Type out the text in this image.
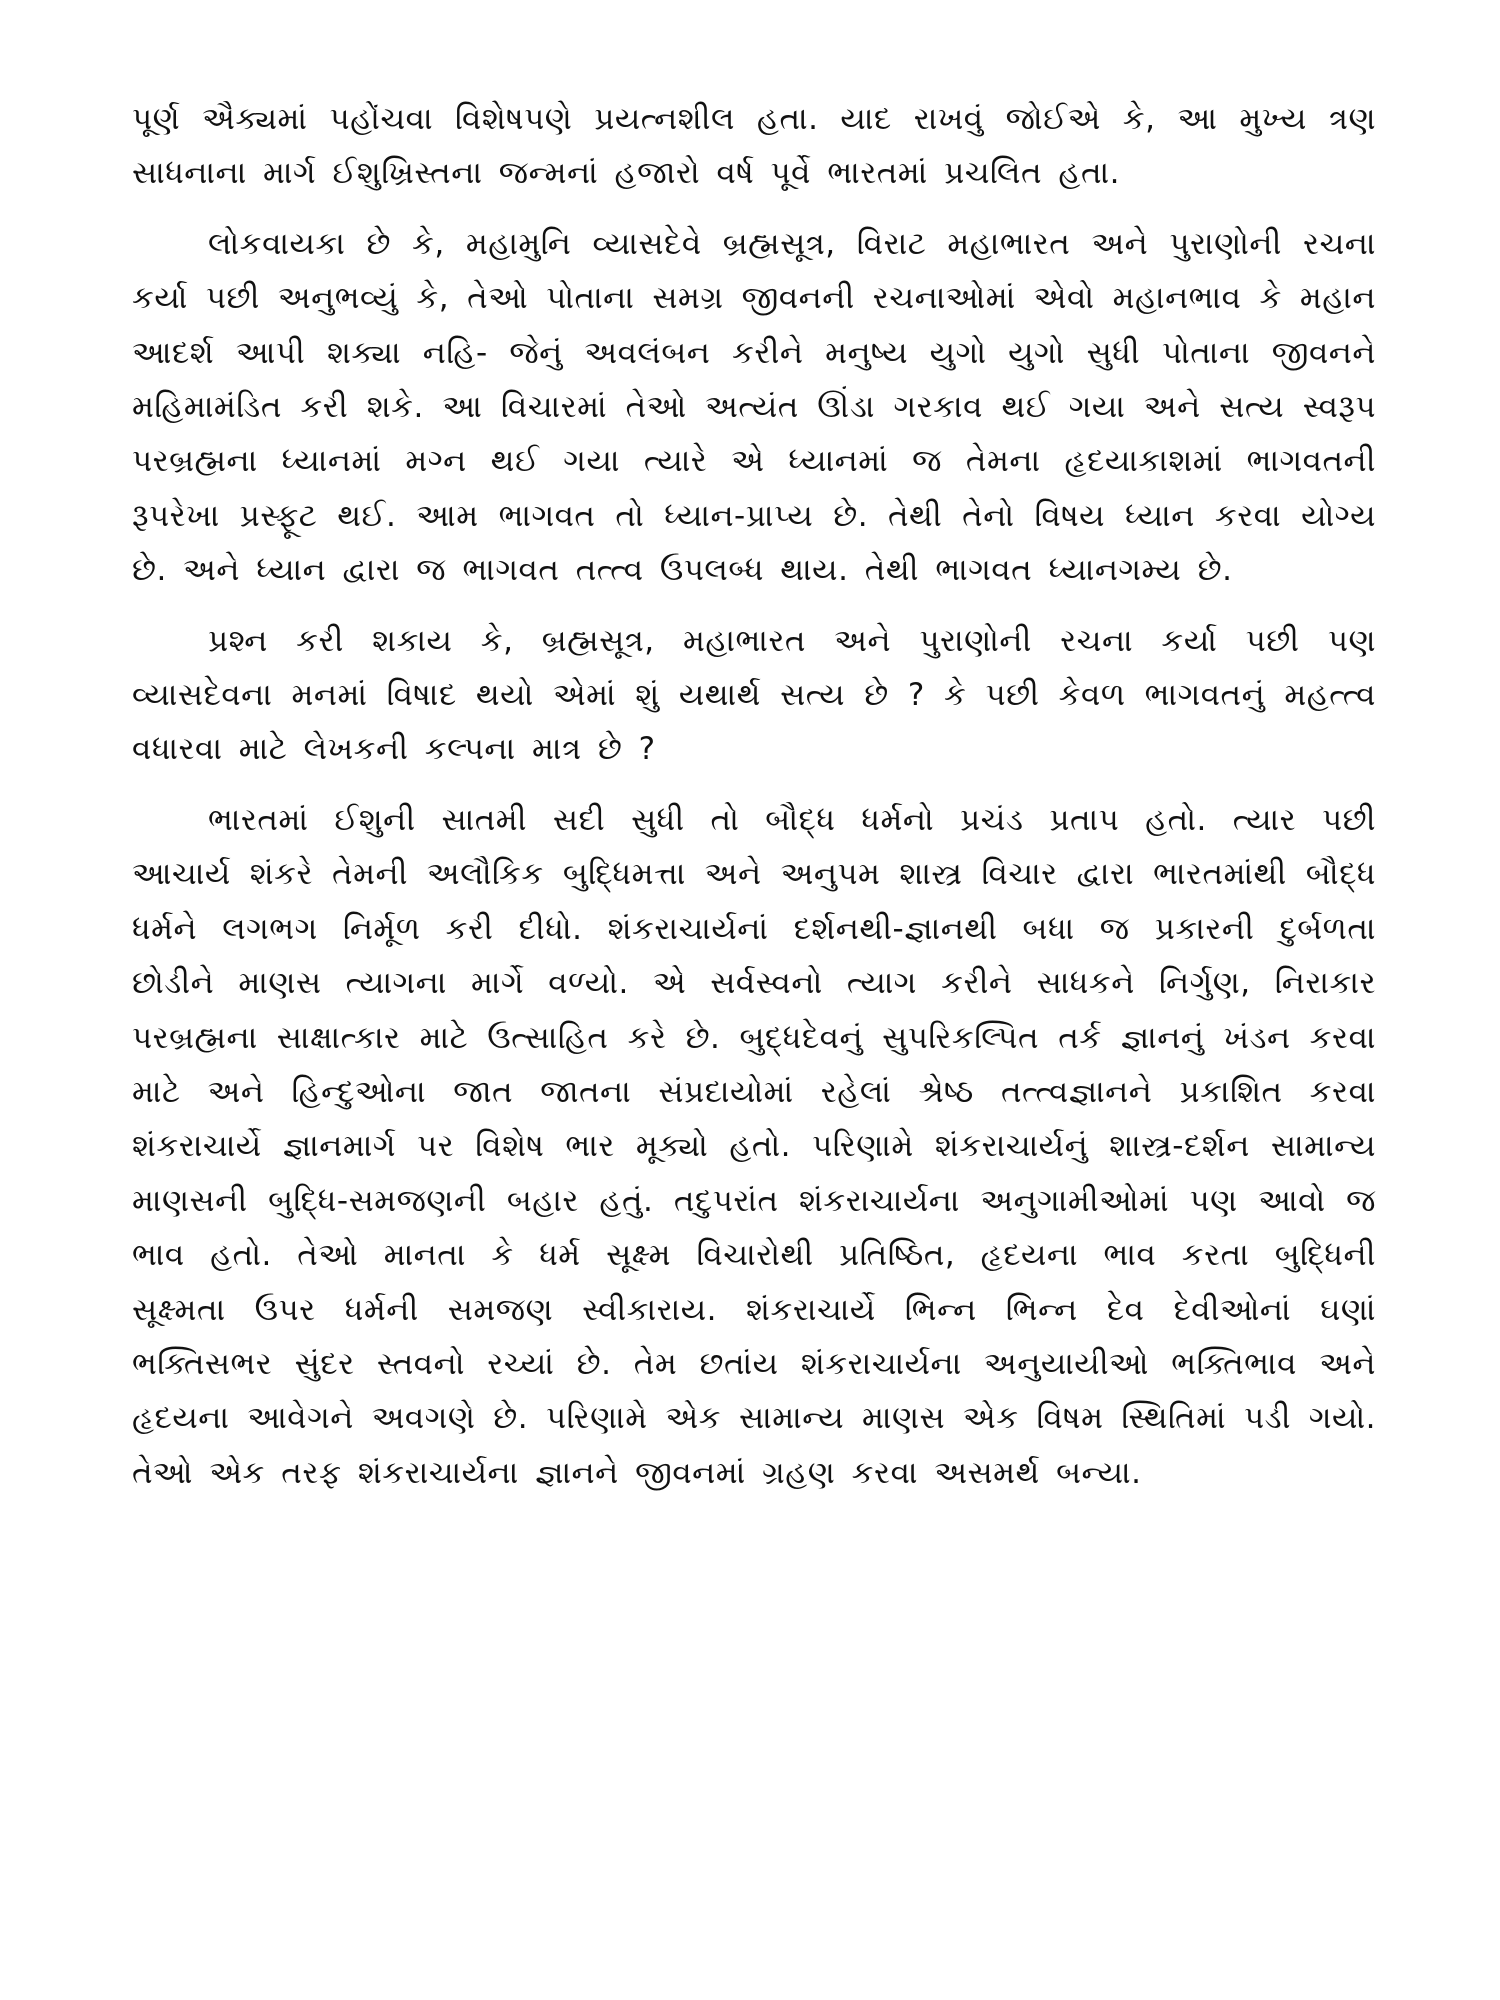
પૂર્ણ ઐક્યમાં પહોંચવા વિશેષપણે પ્રયત્નશીલ હતા. યાદ રાખવું જોઈએ કે, આ મુખ્ય ત્રણ સાધનાના માર્ગ ઈશુખ્રિસ્તના જન્મનાં હજારો વર્ષ પૂર્વે ભારતમાં પ્રચલિત હતા.

લોકવાયકા છે કે, મહામુનિ વ્યાસદેવે બ્રહ્મસૂત્ર, વિરાટ મહાભારત અને પુરાણોની રચના કર્યા પછી અનુભવ્યું કે, તેઓ પોતાના સમગ્ર જીવનની રચનાઓમાં એવો મહાનભાવ કે મહાન આદર્શ આપી શક્યા નહિ- જેનું અવલંબન કરીને મનુષ્ય યુગો યુગો સુધી પોતાના જીવનને મહિમામંડિત કરી શકે. આ વિચારમાં તેઓ અત્યંત ઊંડા ગરકાવ થઈ ગયા અને સત્ય સ્વરૂપ પરબ્રહ્મના ધ્યાનમાં મગ્ન થઈ ગયા ત્યારે એ ધ્યાનમાં જ તેમના હૃદયાકાશમાં ભાગવતની રૂપરેખા પ્રસ્ફૂટ થઈ. આમ ભાગવત તો ધ્યાન-પ્રાપ્ય છે. તેથી તેનો વિષય ધ્યાન કરવા યોગ્ય છે. અને ધ્યાન દ્વારા જ ભાગવત તત્ત્વ ઉપલબ્ધ થાય. તેથી ભાગવત ધ્યાનગમ્ય છે.

પ્રશ્ન કરી શકાય કે, બ્રહ્મસૂત્ર, મહાભારત અને પુરાણોની રચના કર્યા પછી પણ વ્યાસદેવના મનમાં વિષાદ થયો એમાં શું યથાર્થ સત્ય છે ? કે પછી કેવળ ભાગવતનું મહત્ત્વ વધારવા માટે લેખકની કલ્પના માત્ર છે ?

ભારતમાં ઈશુની સાતમી સદી સુધી તો બૌદ્ધ ધર્મનો પ્રચંડ પ્રતાપ હતો. ત્યાર પછી આચાર્ય શંકરે તેમની અલૌકિક બુદ્ધિમત્તા અને અનુપમ શાસ્ત્ર વિચાર દ્વારા ભારતમાંથી બૌદ્ધ ધર્મને લગભગ નિર્મૂળ કરી દીધો. શંકરાચાર્યનાં દર્શનથી-જ્ઞાનથી બધા જ પ્રકારની દુર્બળતા છોડીને માણસ ત્યાગના માર્ગે વળ્યો. એ સર્વસ્વનો ત્યાગ કરીને સાધકને નિર્ગુણ, નિરાકાર પરબ્રહ્મના સાક્ષાત્કાર માટે ઉત્સાહિત કરે છે. બુદ્ધદેવનું સુપરિકલ્પિત તર્ક જ્ઞાનનું ખંડન કરવા માટે અને હિન્દુઓના જાત જાતના સંપ્રદાયોમાં રહેલાં શ્રેષ્ઠ તત્ત્વજ્ઞાનને પ્રકાશિત કરવા શંકરાચાર્યે જ્ઞાનમાર્ગ પર વિશેષ ભાર મૂક્યો હતો. પરિણામે શંકરાચાર્યનું શાસ્ત્ર-દર્શન સામાન્ય માણસની બુદ્ધિ-સમજણની બહાર હતું. તદુપરાંત શંકરાચાર્યના અનુગામીઓમાં પણ આવો જ ભાવ હતો. તેઓ માનતા કે ધર્મ સૂક્ષ્મ વિચારોથી પ્રતિષ્ઠિત, હૃદયના ભાવ કરતા બુદ્ધિની સૂક્ષ્મતા ઉપર ધર્મની સમજણ સ્વીકારાય. શંકરાચાર્યે ભિન્ન ભિન્ન દેવ દેવીઓનાં ઘણાં ભક્તિસભર સુંદર સ્તવનો રચ્યાં છે. તેમ છતાંય શંકરાચાર્યના અનુયાયીઓ ભક્તિભાવ અને હૃદયના આવેગને અવગણે છે. પરિણામે એક સામાન્ય માણસ એક વિષમ સ્થિતિમાં પડી ગયો. તેઓ એક તરફ શંકરાચાર્યના જ્ઞાનને જીવનમાં ગ્રહણ કરવા અસમર્થ બન્યા.
